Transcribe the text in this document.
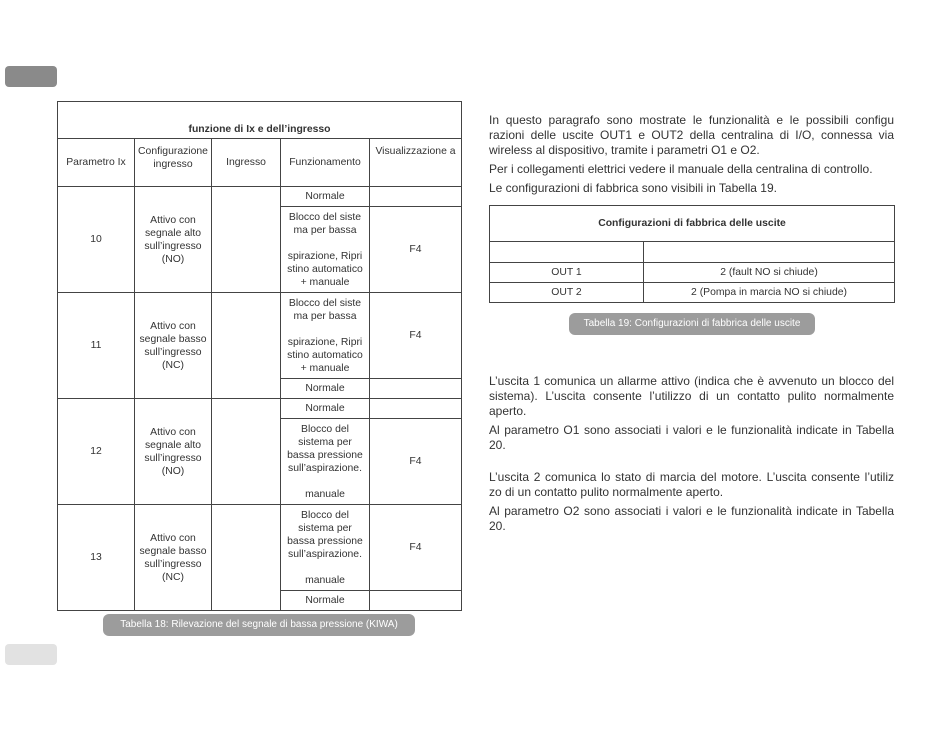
funzione di Ix e dell’ingresso				
Parametro Ix	Configurazione ingresso	Ingresso	Funzionamento	Visualizzazione a
10	Attivo con segnale alto sull’ingresso (NO)		Normale	

			Blocco del siste ma per bassa
spirazione, Ripri stino automatico + manuale	F4
11	Attivo con segnale basso sull’ingresso (NC)		Blocco del siste ma per bassa
spirazione, Ripri stino automatico + manuale	F4
			Normale	
12	Attivo con segnale alto sull’ingresso (NO)		Normale	

			Blocco del sistema per bassa pressione sull’aspirazione.
manuale	F4
13	Attivo con segnale basso sull’ingresso (NC)		Blocco del sistema per bassa pressione sull’aspirazione.
manuale	F4
			Normale	
Tabella 18: Rilevazione del segnale di bassa pressione (KIWA)

In questo paragrafo sono mostrate le funzionalità e le possibili configu razioni delle uscite OUT1 e OUT2 della centralina di I/O, connessa via wireless al dispositivo, tramite i parametri O1 e O2.

Per i collegamenti elettrici vedere il manuale della centralina di controllo.

Le configurazioni di fabbrica sono visibili in Tabella 19.

Configurazioni di fabbrica delle uscite	

OUT 1	2 (fault NO si chiude)
OUT 2	2 (Pompa in marcia NO si chiude)
Tabella 19: Configurazioni di fabbrica delle uscite

L’uscita 1 comunica un allarme attivo (indica che è avvenuto un blocco del sistema). L’uscita consente l’utilizzo di un contatto pulito normalmente aperto.

Al parametro O1 sono associati i valori e le funzionalità indicate in Tabella 20.

L’uscita 2 comunica lo stato di marcia del motore. L’uscita consente l’utiliz zo di un contatto pulito normalmente aperto.

Al parametro O2 sono associati i valori e le funzionalità indicate in Tabella 20.
